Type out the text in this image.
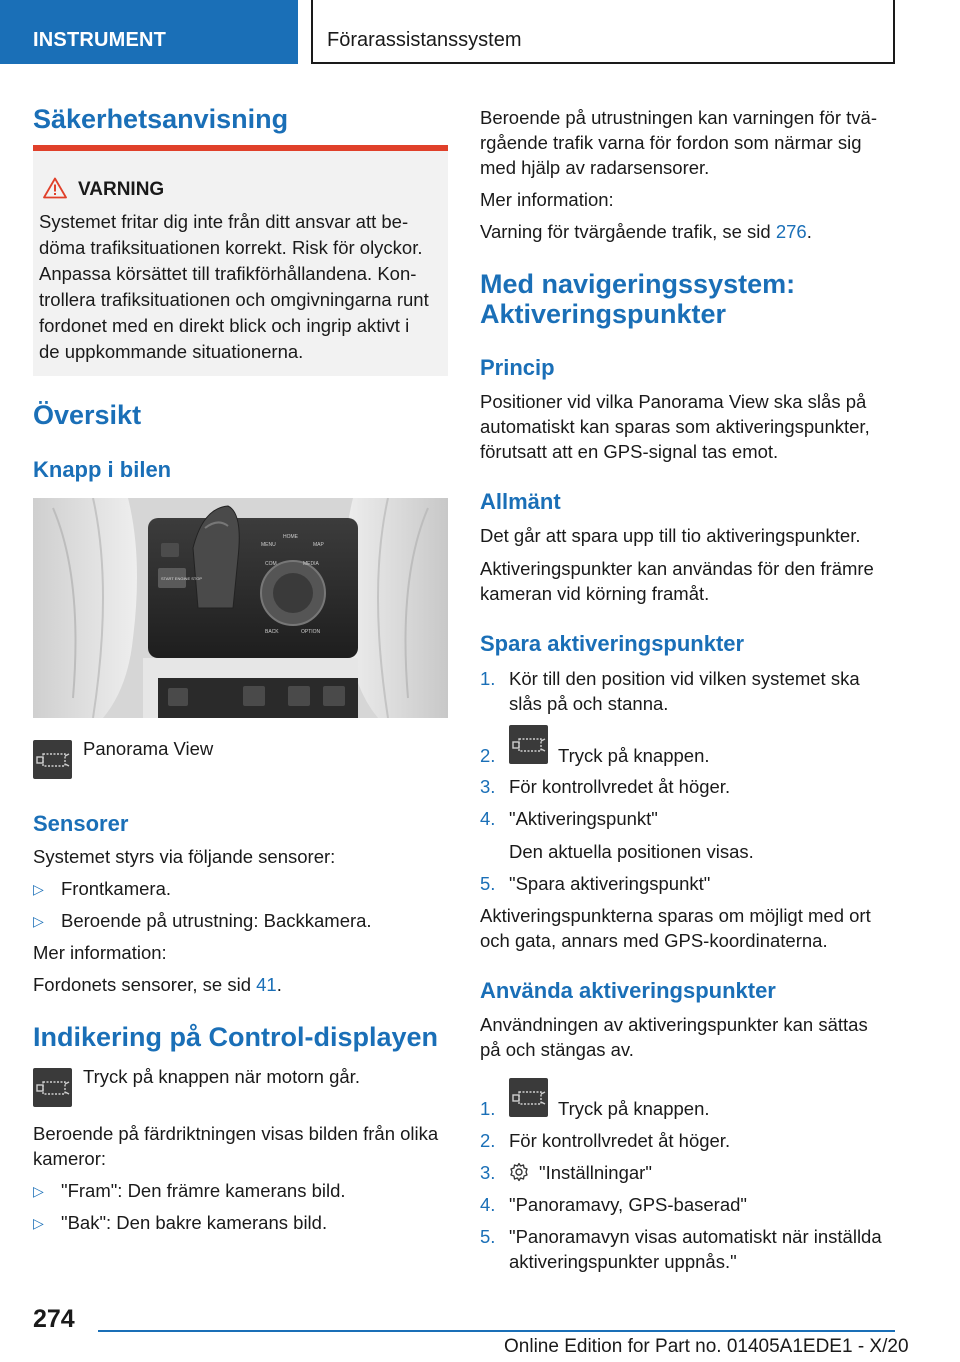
INSTRUMENT	Förarassistanssystem
Säkerhetsanvisning
VARNING
Systemet fritar dig inte från ditt ansvar att be-
döma trafiksituationen korrekt. Risk för olyckor.
Anpassa körsättet till trafikförhållandena. Kon-
trollera trafiksituationen och omgivningarna runt
fordonet med en direkt blick och ingrip aktivt i
de uppkommande situationerna.
Översikt
Knapp i bilen
MENU
HOME
MAP
COM	MEDIA
BACK	OPTION
START ENGINE STOP
Panorama View
Sensorer
Systemet styrs via följande sensorer:
▷ Frontkamera.
▷ Beroende på utrustning: Backkamera.
Mer information:
Fordonets sensorer, se sid 41.
Indikering på Control-displayen
Tryck på knappen när motorn går.
Beroende på färdriktningen visas bilden från olika
kameror:
▷ "Fram": Den främre kamerans bild.
▷ "Bak": Den bakre kamerans bild.
Beroende på utrustningen kan varningen för tvä-
rgående trafik varna för fordon som närmar sig
med hjälp av radarsensorer.
Mer information:
Varning för tvärgående trafik, se sid 276.
Med navigeringssystem:
Aktiveringspunkter
Princip
Positioner vid vilka Panorama View ska slås på
automatiskt kan sparas som aktiveringspunkter,
förutsatt att en GPS-signal tas emot.
Allmänt
Det går att spara upp till tio aktiveringspunkter.
Aktiveringspunkter kan användas för den främre
kameran vid körning framåt.
Spara aktiveringspunkter
1. Kör till den position vid vilken systemet ska
slås på och stanna.
2.	Tryck på knappen.
3. För kontrollvredet åt höger.
4. "Aktiveringspunkt"
Den aktuella positionen visas.
5. "Spara aktiveringspunkt"
Aktiveringspunkterna sparas om möjligt med ort
och gata, annars med GPS-koordinaterna.
Använda aktiveringspunkter
Användningen av aktiveringspunkter kan sättas
på och stängas av.
1.	Tryck på knappen.
2. För kontrollvredet åt höger.
3. "Inställningar"
4. "Panoramavy, GPS-baserad"
5. "Panoramavyn visas automatiskt när inställda
aktiveringspunkter uppnås."
274
Online Edition for Part no. 01405A1EDE1 - X/20
